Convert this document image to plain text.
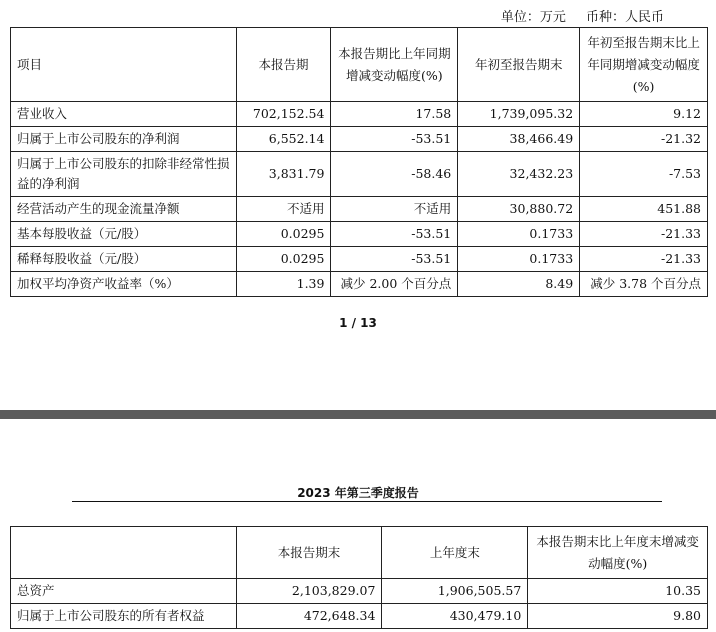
单位：万元 币种：人民币
项目	本报告期	本报告期比上年同期增减变动幅度(%)	年初至报告期末	年初至报告期末比上年同期增减变动幅度(%)
营业收入	702,152.54	17.58	1,739,095.32	9.12
归属于上市公司股东的净利润	6,552.14	-53.51	38,466.49	-21.32
归属于上市公司股东的扣除非经常性损益的净利润	3,831.79	-58.46	32,432.23	-7.53
经营活动产生的现金流量净额	不适用	不适用	30,880.72	451.88
基本每股收益（元/股）	0.0295	-53.51	0.1733	-21.33
稀释每股收益（元/股）	0.0295	-53.51	0.1733	-21.33
加权平均净资产收益率（%）	1.39	减少 2.00 个百分点	8.49	减少 3.78 个百分点
1 / 13
2023 年第三季度报告
	本报告期末	上年度末	本报告期末比上年度末增减变动幅度(%)
总资产	2,103,829.07	1,906,505.57	10.35
归属于上市公司股东的所有者权益	472,648.34	430,479.10	9.80
